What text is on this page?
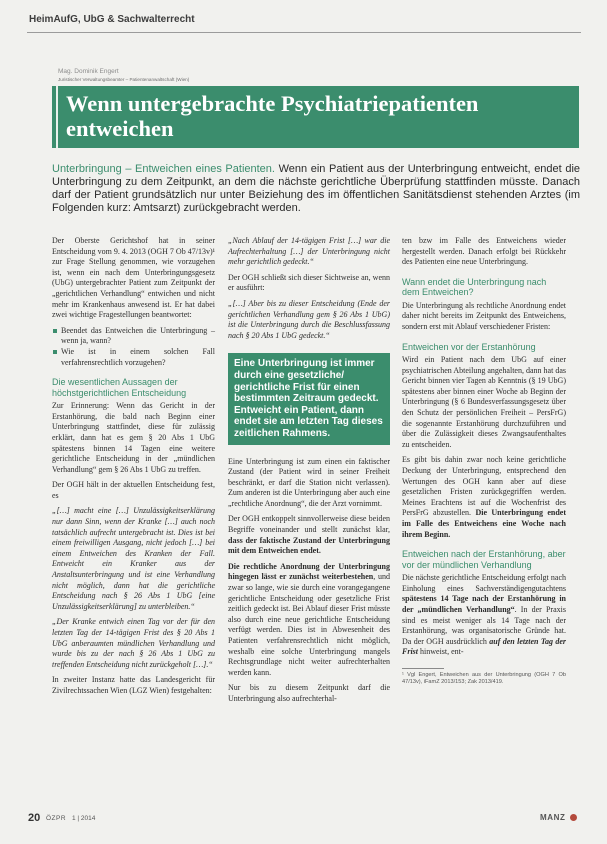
HeimAufG, UbG & Sachwalterrecht
Mag. Dominik Engert
Juristischer Verwaltungsbeamter – Patientenanwaltschaft (Wien)
Wenn untergebrachte Psychiatriepatienten entweichen

Unterbringung – Entweichen eines Patienten. Wenn ein Patient aus der Unterbringung entweicht, endet die Unterbringung zu dem Zeitpunkt, an dem die nächste gerichtliche Überprüfung stattfinden müsste. Danach darf der Patient grundsätzlich nur unter Beiziehung des im öffentlichen Sanitätsdienst stehenden Arztes (im Folgenden kurz: Amtsarzt) zurückgebracht werden.

Der Oberste Gerichtshof hat in seiner Entscheidung vom 9. 4. 2013 (OGH 7 Ob 47/13v)¹ zur Frage Stellung genommen, wie vorzugehen ist, wenn ein nach dem Unterbringungsgesetz (UbG) untergebrachter Patient zum Zeitpunkt der „gerichtlichen Verhandlung“ entwichen und nicht mehr im Krankenhaus anwesend ist. Er hat dabei zwei wichtige Fragestellungen beantwortet:

Beendet das Entweichen die Unterbringung – wenn ja, wann?
Wie ist in einem solchen Fall verfahrensrechtlich vorzugehen?
Die wesentlichen Aussagen der höchstgerichtlichen Entscheidung

Zur Erinnerung: Wenn das Gericht in der Erstanhörung, die bald nach Beginn einer Unterbringung stattfindet, diese für zulässig erklärt, dann hat es gem § 20 Abs 1 UbG spätestens binnen 14 Tagen eine weitere gerichtliche Entscheidung in der „mündlichen Verhandlung“ gem § 26 Abs 1 UbG zu treffen.

Der OGH hält in der aktuellen Entscheidung fest, es

„[…] macht eine […] Unzulässigkeitserklärung nur dann Sinn, wenn der Kranke […] auch noch tatsächlich aufrecht untergebracht ist. Dies ist bei einem freiwilligen Ausgang, nicht jedoch […] bei einem Entweichen des Kranken der Fall. Entweicht ein Kranker aus der Anstaltsunterbringung und ist eine Verhandlung nicht möglich, dann hat die gerichtliche Entscheidung nach § 26 Abs 1 UbG [eine Unzulässigkeitserklärung] zu unterbleiben.“

„Der Kranke entwich einen Tag vor der für den letzten Tag der 14-tägigen Frist des § 20 Abs 1 UbG anberaumten mündlichen Verhandlung und wurde bis zu der nach § 26 Abs 1 UbG zu treffenden Entscheidung nicht zurückgeholt […].“

In zweiter Instanz hatte das Landesgericht für Zivilrechtssachen Wien (LGZ Wien) festgehalten:

„Nach Ablauf der 14-tägigen Frist […] war die Aufrechterhaltung […] der Unterbringung nicht mehr gerichtlich gedeckt.“

Der OGH schließt sich dieser Sichtweise an, wenn er ausführt:

„[…] Aber bis zu dieser Entscheidung (Ende der gerichtlichen Verhandlung gem § 26 Abs 1 UbG) ist die Unterbringung durch die Beschlussfassung nach § 20 Abs 1 UbG gedeckt.“

Eine Unterbringung ist immer durch eine gesetzliche/ gerichtliche Frist für einen bestimmten Zeitraum gedeckt. Entweicht ein Patient, dann endet sie am letzten Tag dieses zeitlichen Rahmens.

Eine Unterbringung ist zum einen ein faktischer Zustand (der Patient wird in seiner Freiheit beschränkt, er darf die Station nicht verlassen). Zum anderen ist die Unterbringung aber auch eine „rechtliche Anordnung“, die der Arzt vornimmt.

Der OGH entkoppelt sinnvollerweise diese beiden Begriffe voneinander und stellt zunächst klar, dass der faktische Zustand der Unterbringung mit dem Entweichen endet.

Die rechtliche Anordnung der Unterbringung hingegen lässt er zunächst weiterbestehen, und zwar so lange, wie sie durch eine vorangegangene gerichtliche Entscheidung oder gesetzliche Frist zeitlich gedeckt ist. Bei Ablauf dieser Frist müsste also durch eine neue gerichtliche Entscheidung verfügt werden. Dies ist in Abwesenheit des Patienten verfahrensrechtlich nicht möglich, weshalb eine solche Unterbringung mangels Rechtsgrundlage nicht weiter aufrechterhalten werden kann.

Nur bis zu diesem Zeitpunkt darf die Unterbringung also aufrechterhal-

ten bzw im Falle des Entweichens wieder hergestellt werden. Danach erfolgt bei Rückkehr des Patienten eine neue Unterbringung.

Wann endet die Unterbringung nach dem Entweichen?

Die Unterbringung als rechtliche Anordnung endet daher nicht bereits im Zeitpunkt des Entweichens, sondern erst mit Ablauf verschiedener Fristen:

Entweichen vor der Erstanhörung

Wird ein Patient nach dem UbG auf einer psychiatrischen Abteilung angehalten, dann hat das Gericht binnen vier Tagen ab Kenntnis (§ 19 UbG) spätestens aber binnen einer Woche ab Beginn der Unterbringung (§ 6 Bundesverfassungsgesetz über den Schutz der persönlichen Freiheit – PersFrG) die sogenannte Erstanhörung durchzuführen und über die Zulässigkeit dieses Zwangsaufenthaltes zu entscheiden.

Es gibt bis dahin zwar noch keine gerichtliche Deckung der Unterbringung, entsprechend den Wertungen des OGH kann aber auf diese gesetzlichen Fristen zurückgegriffen werden. Meines Erachtens ist auf die Wochenfrist des PersFrG abzustellen. Die Unterbringung endet im Falle des Entweichens eine Woche nach ihrem Beginn.

Entweichen nach der Erstanhörung, aber vor der mündlichen Verhandlung

Die nächste gerichtliche Entscheidung erfolgt nach Einholung eines Sachverständigengutachtens spätestens 14 Tage nach der Erstanhörung in der „mündlichen Verhandlung“. In der Praxis sind es meist weniger als 14 Tage nach der Erstanhörung, was organisatorische Gründe hat. Da der OGH ausdrücklich auf den letzten Tag der Frist hinweist, ent-

¹ Vgl Engert, Entweichen aus der Unterbringung (OGH 7 Ob 47/13v), iFamZ 2013/153; Zak 2013/419.

20 ÖZPR 1 | 2014	MANZ
